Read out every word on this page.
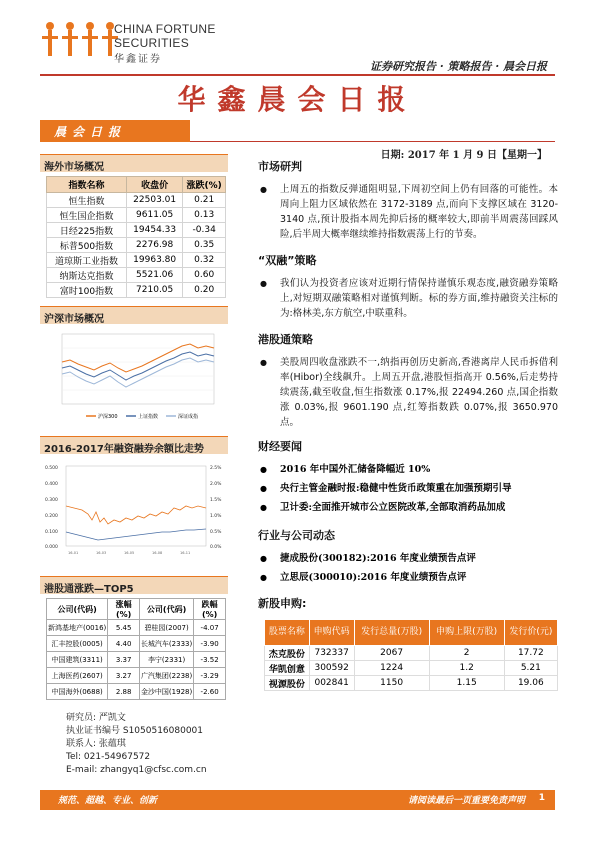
CHINA FORTUNE
SECURITIES
华鑫证券
证券研究报告 · 策略报告 · 晨会日报
华鑫晨会日报
晨会日报
日期: 2017 年 1 月 9 日【星期一】
海外市场概况
指数名称	收盘价	涨跌(%)
恒生指数	22503.01	0.21
恒生国企指数	9611.05	0.13
日经225指数	19454.33	-0.34
标普500指数	2276.98	0.35
道琼斯工业指数	19963.80	0.32
纳斯达克指数	5521.06	0.60
富时100指数	7210.05	0.20
沪深市场概况
沪深300	上证指数	深证成指
2016-2017年融资融券余额比走势
0.500
0.400
0.300
0.200
0.100
0.000
2.5%
2.0%
1.5%
1.0%
0.5%
0.0%
16-01	16-03	16-05	16-08	16-11
港股通涨跌—TOP5
公司(代码)	涨幅(%)	公司(代码)	跌幅(%)
新鸿基地产(0016)	5.45	碧桂园(2007)	-4.07
汇丰控股(0005)	4.40	长城汽车(2333)	-3.90
中国建筑(3311)	3.37	李宁(2331)	-3.52
上海医药(2607)	3.27	广汽集团(2238)	-3.29
中国海外(0688)	2.88	金沙中国(1928)	-2.60
研究员: 严凯文
执业证书编号 S1050516080001
联系人: 张蕴琪
Tel: 021-54967572
E-mail: zhangyq1@cfsc.com.cn
市场研判
● 上周五的指数反弹通阻明显,下周初空间上仍有回落的可能性。本周向上阻力区域依然在 3172-3189 点,而向下支撑区域在 3120-3140 点,预计股指本周先抑后扬的概率较大,即前半周震荡回踩风险,后半周大概率继续维持指数震荡上行的节奏。
“双融”策略
● 我们认为投资者应该对近期行情保持谨慎乐观态度,融资融券策略上,对短期双融策略相对谨慎判断。标的券方面,维持融资关注标的为:格林美,东方航空,中联重科。
港股通策略
● 美股周四收盘涨跌不一,纳指再创历史新高,香港离岸人民币拆借利率(Hibor)全线飙升。上周五开盘,港股恒指高开 0.56%,后走势持续震荡,截至收盘,恒生指数涨 0.17%,报 22494.260 点,国企指数涨 0.03%,报 9601.190 点,红筹指数跌 0.07%,报 3650.970 点。
财经要闻
● 2016 年中国外汇储备降幅近 10%
● 央行主管金融时报:稳健中性货币政策重在加强预期引导
● 卫计委:全面推开城市公立医院改革,全部取消药品加成
行业与公司动态
● 捷成股份(300182):2016 年度业绩预告点评
● 立思辰(300010):2016 年度业绩预告点评
新股申购:
股票名称	申购代码	发行总量(万股)	申购上限(万股)	发行价(元)
杰克股份	732337	2067	2	17.72
华凯创意	300592	1224	1.2	5.21
视源股份	002841	1150	1.15	19.06
规范、超越、专业、创新	请阅读最后一页重要免责声明 1
